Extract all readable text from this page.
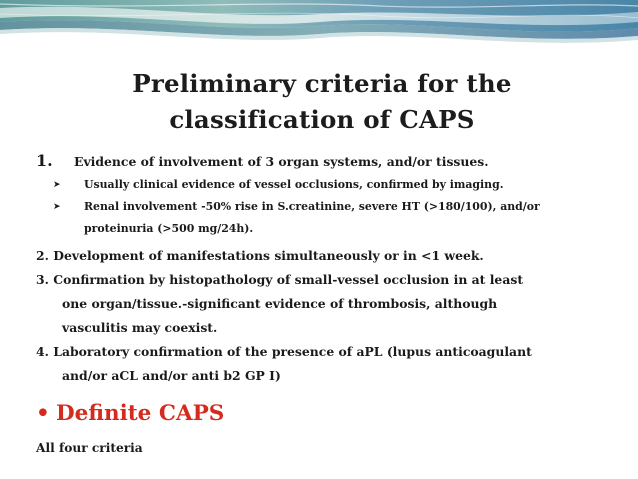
Preliminary criteria for the
classification of CAPS
1. Evidence of involvement of 3 organ systems, and/or tissues.
➤ Usually clinical evidence of vessel occlusions, confirmed by imaging.
➤ Renal involvement -50% rise in S.creatinine, severe HT (>180/100), and/or
proteinuria (>500 mg/24h).
2. Development of manifestations simultaneously or in <1 week.
3. Confirmation by histopathology of small-vessel occlusion in at least
one organ/tissue.-significant evidence of thrombosis, although
vasculitis may coexist.
4. Laboratory confirmation of the presence of aPL (lupus anticoagulant
and/or aCL and/or anti b2 GP I)
• Definite CAPS
All four criteria
